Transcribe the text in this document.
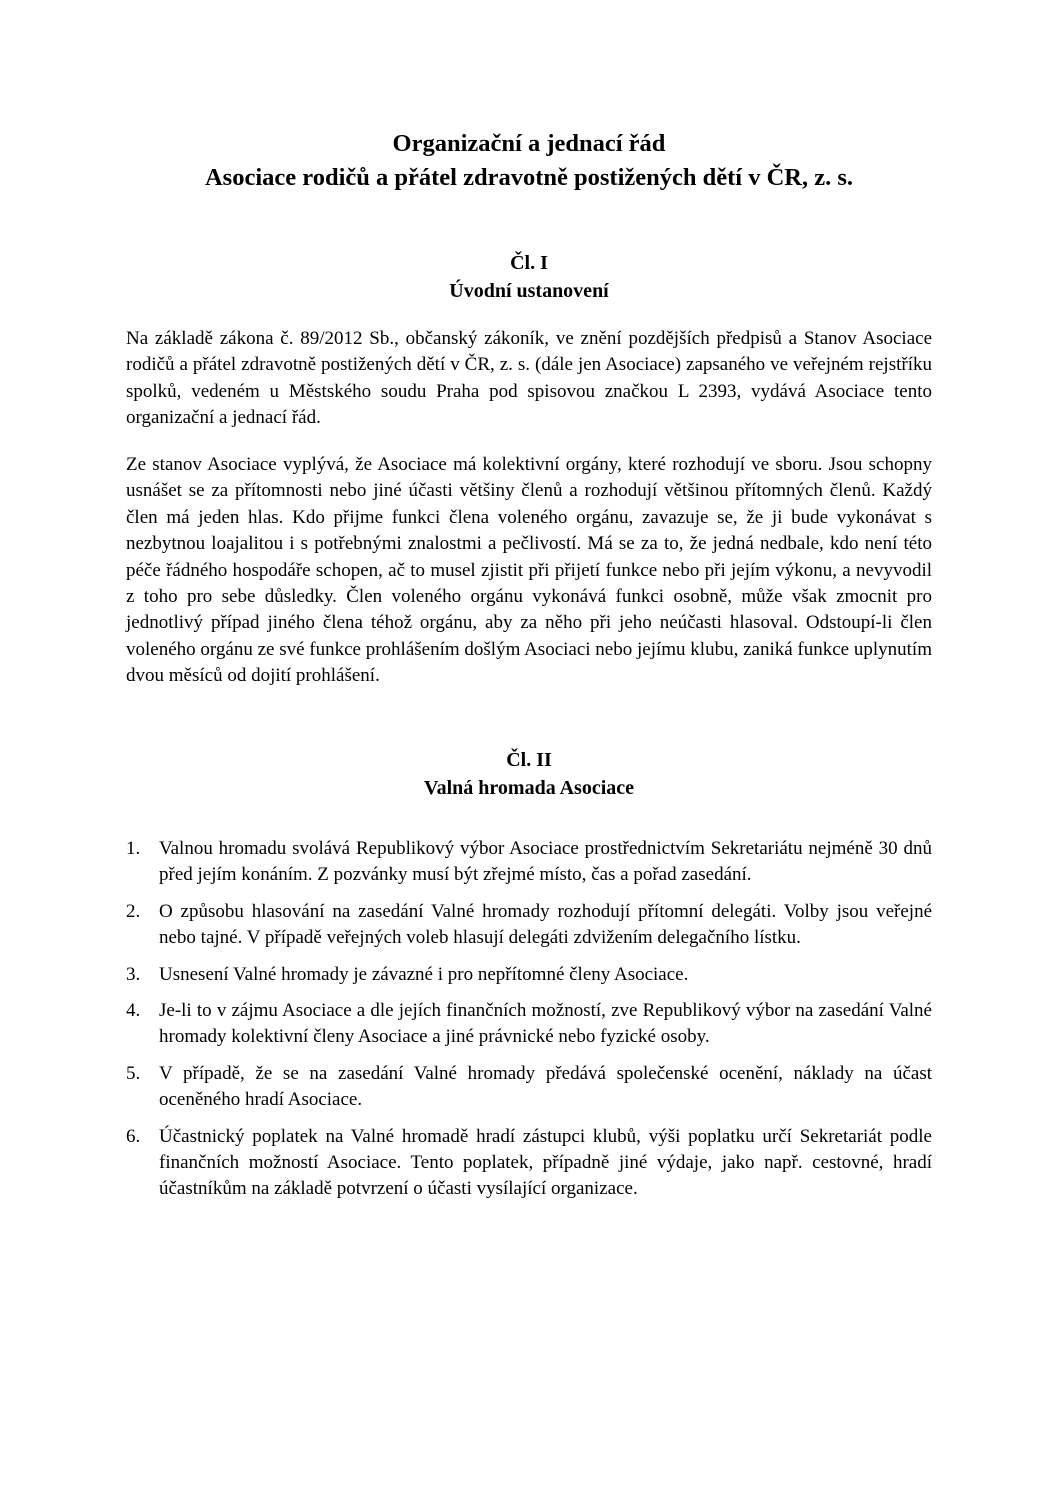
Organizační a jednací řád
Asociace rodičů a přátel zdravotně postižených dětí v ČR, z. s.
Čl. I
Úvodní ustanovení

Na základě zákona č. 89/2012 Sb., občanský zákoník, ve znění pozdějších předpisů a Stanov Asociace rodičů a přátel zdravotně postižených dětí v ČR, z. s. (dále jen Asociace) zapsaného ve veřejném rejstříku spolků, vedeném u Městského soudu Praha pod spisovou značkou L 2393, vydává Asociace tento organizační a jednací řád.

Ze stanov Asociace vyplývá, že Asociace má kolektivní orgány, které rozhodují ve sboru. Jsou schopny usnášet se za přítomnosti nebo jiné účasti většiny členů a rozhodují většinou přítomných členů. Každý člen má jeden hlas. Kdo přijme funkci člena voleného orgánu, zavazuje se, že ji bude vykonávat s nezbytnou loajalitou i s potřebnými znalostmi a pečlivostí. Má se za to, že jedná nedbale, kdo není této péče řádného hospodáře schopen, ač to musel zjistit při přijetí funkce nebo při jejím výkonu, a nevyvodil z toho pro sebe důsledky. Člen voleného orgánu vykonává funkci osobně, může však zmocnit pro jednotlivý případ jiného člena téhož orgánu, aby za něho při jeho neúčasti hlasoval. Odstoupí-li člen voleného orgánu ze své funkce prohlášením došlým Asociaci nebo jejímu klubu, zaniká funkce uplynutím dvou měsíců od dojití prohlášení.

Čl. II
Valná hromada Asociace
1. Valnou hromadu svolává Republikový výbor Asociace prostřednictvím Sekretariátu nejméně 30 dnů před jejím konáním. Z pozvánky musí být zřejmé místo, čas a pořad zasedání.
2. O způsobu hlasování na zasedání Valné hromady rozhodují přítomní delegáti. Volby jsou veřejné nebo tajné. V případě veřejných voleb hlasují delegáti zdvižením delegačního lístku.
3. Usnesení Valné hromady je závazné i pro nepřítomné členy Asociace.
4. Je-li to v zájmu Asociace a dle jejích finančních možností, zve Republikový výbor na zasedání Valné hromady kolektivní členy Asociace a jiné právnické nebo fyzické osoby.
5. V případě, že se na zasedání Valné hromady předává společenské ocenění, náklady na účast oceněného hradí Asociace.
6. Účastnický poplatek na Valné hromadě hradí zástupci klubů, výši poplatku určí Sekretariát podle finančních možností Asociace. Tento poplatek, případně jiné výdaje, jako např. cestovné, hradí účastníkům na základě potvrzení o účasti vysílající organizace.
